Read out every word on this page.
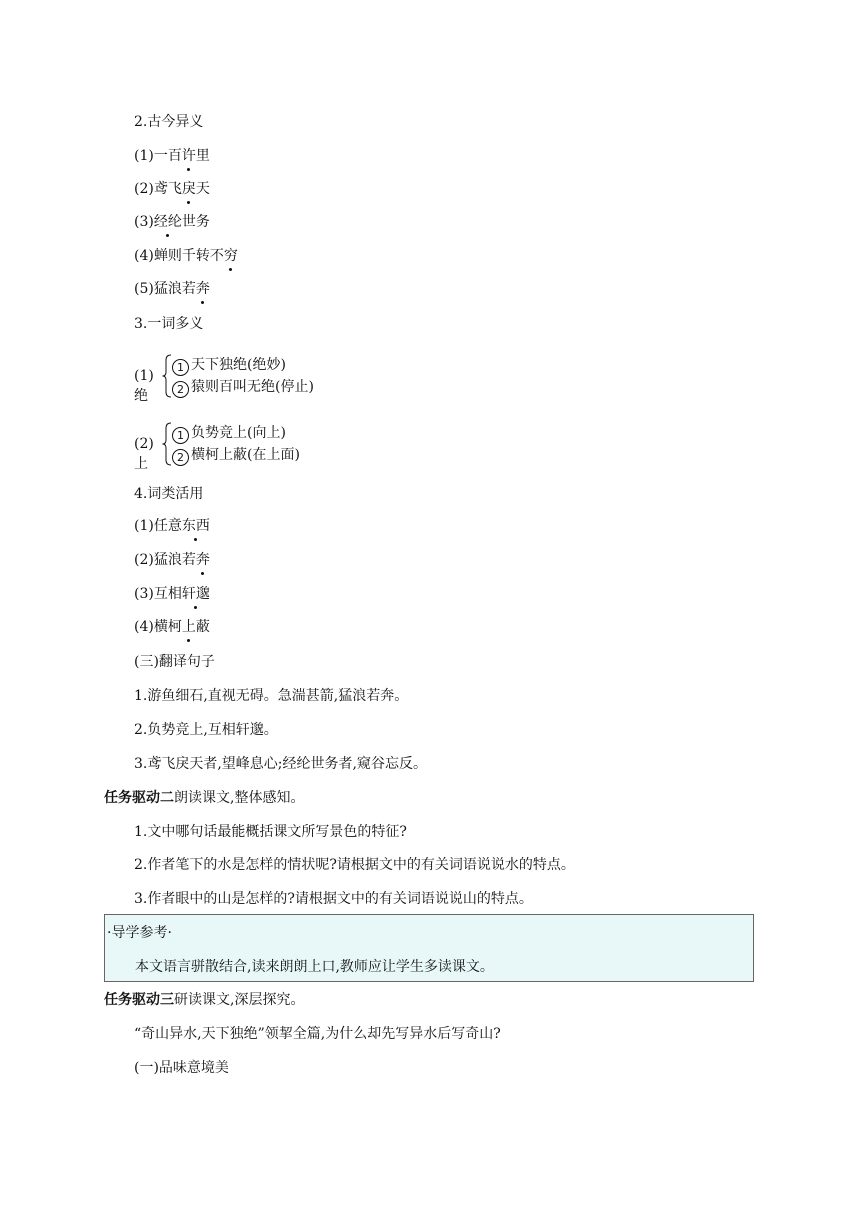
2.古今异义
(1)一百许里
(2)鸢飞戾天
(3)经纶世务
(4)蝉则千转不穷
(5)猛浪若奔
3.一词多义
(1)绝
1 天下独绝(绝妙)
2 猿则百叫无绝(停止)
(2)上
1 负势竞上(向上)
2 横柯上蔽(在上面)
4.词类活用
(1)任意东西
(2)猛浪若奔
(3)互相轩邈
(4)横柯上蔽
(三)翻译句子
1.游鱼细石,直视无碍。急湍甚箭,猛浪若奔。
2.负势竞上,互相轩邈。
3.鸢飞戾天者,望峰息心;经纶世务者,窥谷忘反。
任务驱动二朗读课文,整体感知。
1.文中哪句话最能概括课文所写景色的特征?
2.作者笔下的水是怎样的情状呢?请根据文中的有关词语说说水的特点。
3.作者眼中的山是怎样的?请根据文中的有关词语说说山的特点。
·导学参考·
本文语言骈散结合,读来朗朗上口,教师应让学生多读课文。
任务驱动三研读课文,深层探究。
“奇山异水,天下独绝”领挈全篇,为什么却先写异水后写奇山?
(一)品味意境美
